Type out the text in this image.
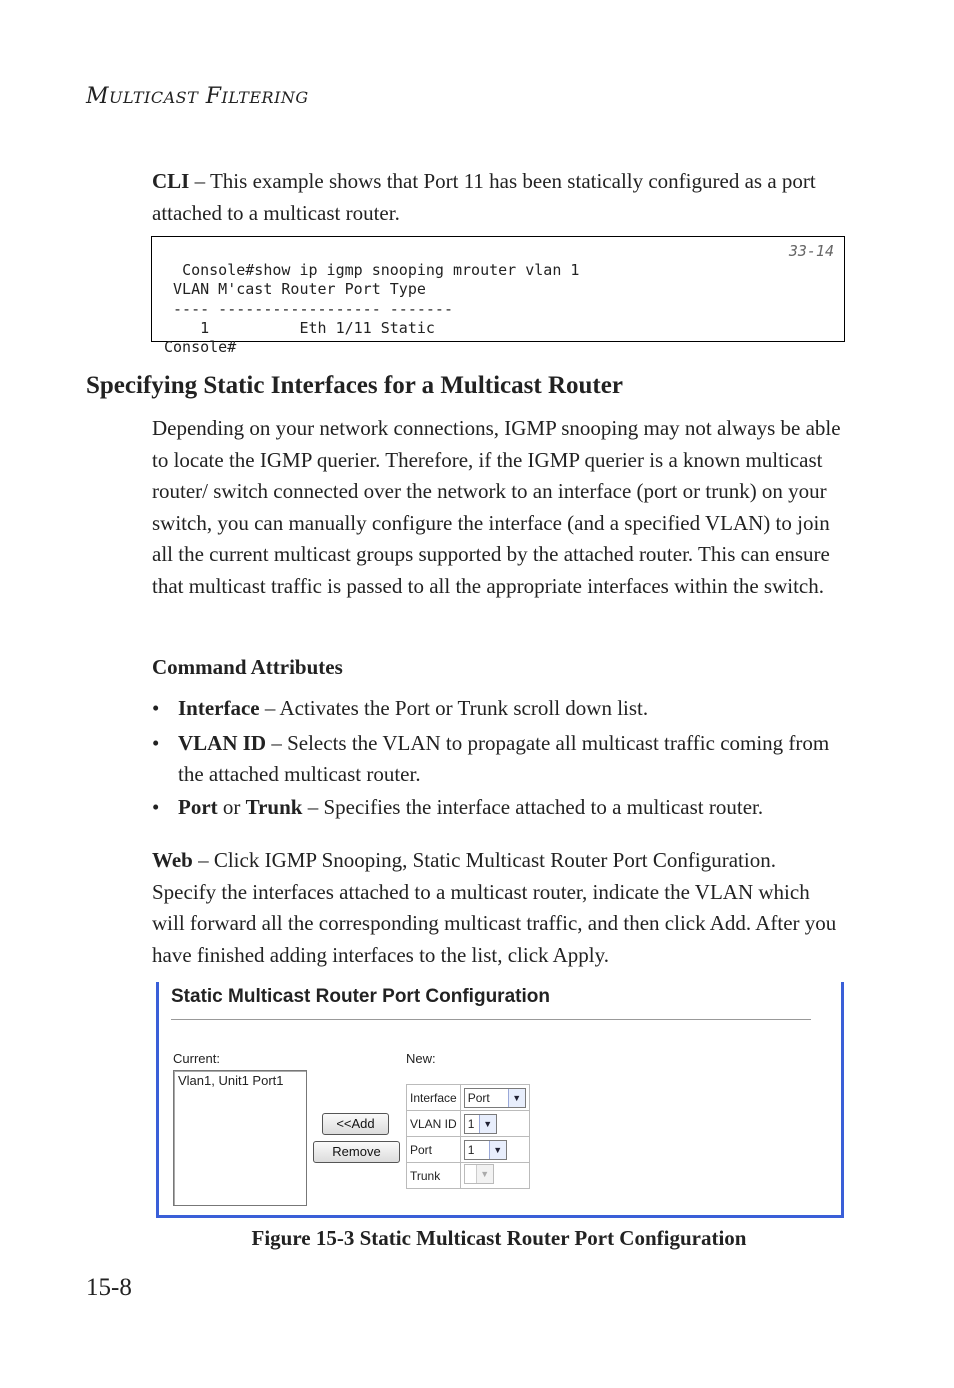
MULTICAST FILTERING
CLI – This example shows that Port 11 has been statically configured as a port attached to a multicast router.

Console#show ip igmp snooping mrouter vlan 1
VLAN M'cast Router Port Type
---- ------------------ -------
1          Eth 1/11 Static
Console#

33-14

Specifying Static Interfaces for a Multicast Router
Depending on your network connections, IGMP snooping may not always be able to locate the IGMP querier. Therefore, if the IGMP querier is a known multicast router/ switch connected over the network to an interface (port or trunk) on your switch, you can manually configure the interface (and a specified VLAN) to join all the current multicast groups supported by the attached router. This can ensure that multicast traffic is passed to all the appropriate interfaces within the switch.
Command Attributes
• Interface – Activates the Port or Trunk scroll down list.
• VLAN ID – Selects the VLAN to propagate all multicast traffic coming from the attached multicast router.
• Port or Trunk – Specifies the interface attached to a multicast router.
Web – Click IGMP Snooping, Static Multicast Router Port Configuration. Specify the interfaces attached to a multicast router, indicate the VLAN which will forward all the corresponding multicast traffic, and then click Add. After you have finished adding interfaces to the list, click Apply.
Static Multicast Router Port Configuration
Current:	New:
Vlan1, Unit1 Port1
<<Add
Remove
Interface	Port ▼

VLAN ID	1 ▼

Port	1 ▼

Trunk	▼
Figure 15-3 Static Multicast Router Port Configuration
15-8
